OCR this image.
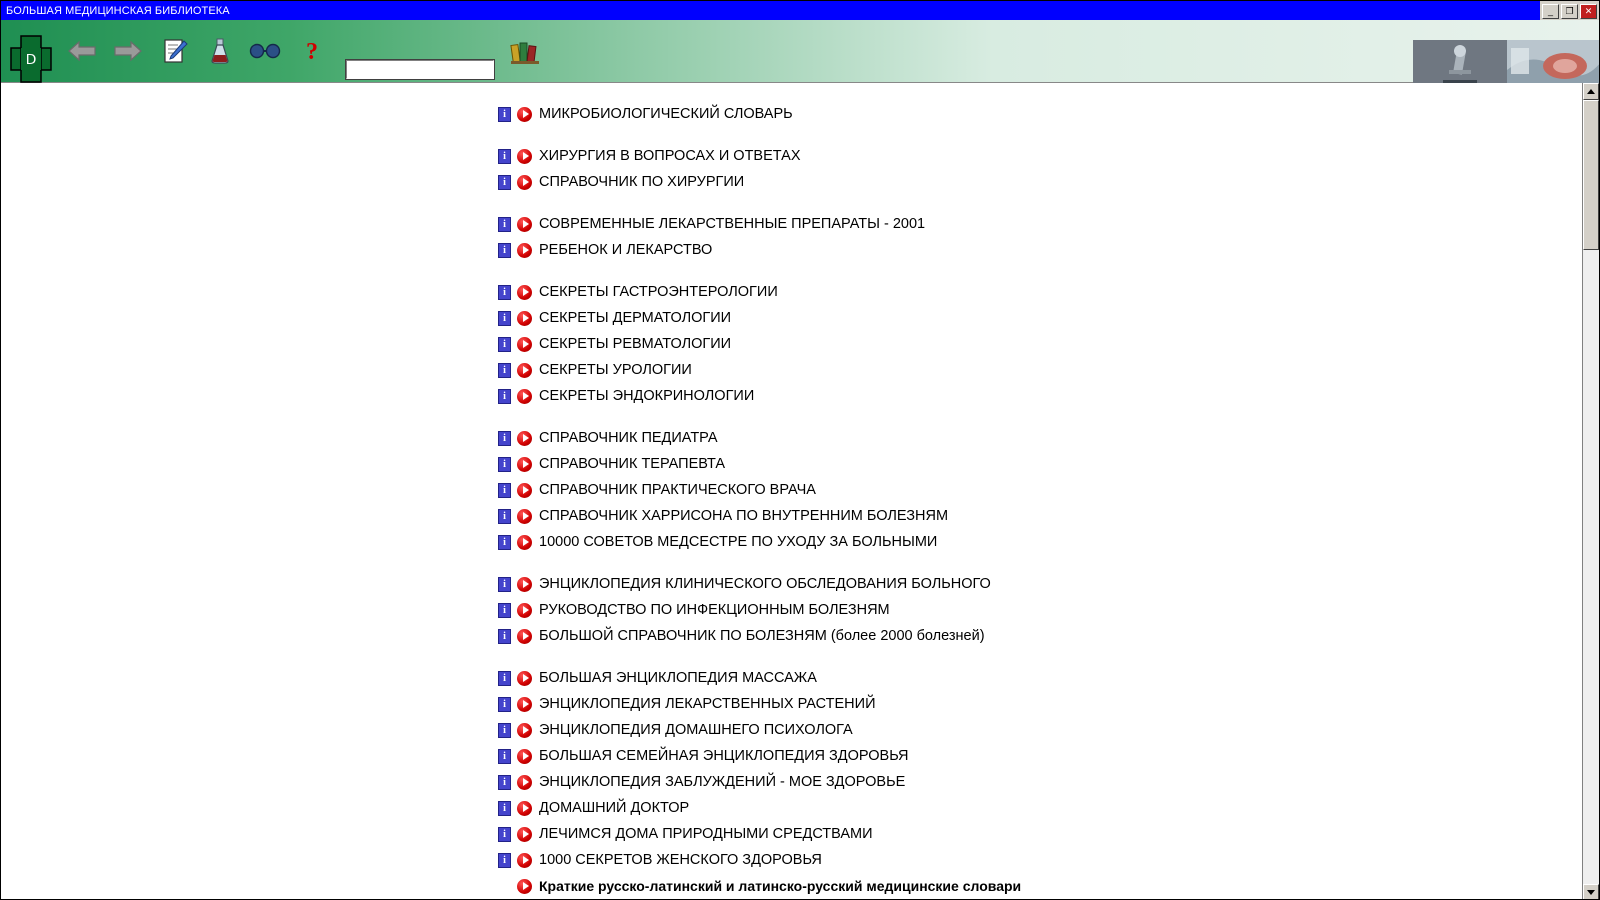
БОЛЬШАЯ МЕДИЦИНСКАЯ БИБЛИОТЕКА	_ ❐ ✕
Ⅾ	?
i	МИКРОБИОЛОГИЧЕСКИЙ СЛОВАРЬ
i	ХИРУРГИЯ В ВОПРОСАХ И ОТВЕТАХ
i	СПРАВОЧНИК ПО ХИРУРГИИ
i	СОВРЕМЕННЫЕ ЛЕКАРСТВЕННЫЕ ПРЕПАРАТЫ - 2001
i	РЕБЕНОК И ЛЕКАРСТВО
i	СЕКРЕТЫ ГАСТРОЭНТЕРОЛОГИИ
i	СЕКРЕТЫ ДЕРМАТОЛОГИИ
i	СЕКРЕТЫ РЕВМАТОЛОГИИ
i	СЕКРЕТЫ УРОЛОГИИ
i	СЕКРЕТЫ ЭНДОКРИНОЛОГИИ
i	СПРАВОЧНИК ПЕДИАТРА
i	СПРАВОЧНИК ТЕРАПЕВТА
i	СПРАВОЧНИК ПРАКТИЧЕСКОГО ВРАЧА
i	СПРАВОЧНИК ХАРРИСОНА ПО ВНУТРЕННИМ БОЛЕЗНЯМ
i	10000 СОВЕТОВ МЕДСЕСТРЕ ПО УХОДУ ЗА БОЛЬНЫМИ
i	ЭНЦИКЛОПЕДИЯ КЛИНИЧЕСКОГО ОБСЛЕДОВАНИЯ БОЛЬНОГО
i	РУКОВОДСТВО ПО ИНФЕКЦИОННЫМ БОЛЕЗНЯМ
i	БОЛЬШОЙ СПРАВОЧНИК ПО БОЛЕЗНЯМ (более 2000 болезней)
i	БОЛЬШАЯ ЭНЦИКЛОПЕДИЯ МАССАЖА
i	ЭНЦИКЛОПЕДИЯ ЛЕКАРСТВЕННЫХ РАСТЕНИЙ
i	ЭНЦИКЛОПЕДИЯ ДОМАШНЕГО ПСИХОЛОГА
i	БОЛЬШАЯ СЕМЕЙНАЯ ЭНЦИКЛОПЕДИЯ ЗДОРОВЬЯ
i	ЭНЦИКЛОПЕДИЯ ЗАБЛУЖДЕНИЙ - МОЕ ЗДОРОВЬЕ
i	ДОМАШНИЙ ДОКТОР
i	ЛЕЧИМСЯ ДОМА ПРИРОДНЫМИ СРЕДСТВАМИ
i	1000 СЕКРЕТОВ ЖЕНСКОГО ЗДОРОВЬЯ
Краткие русско-латинский и латинско-русский медицинские словари
